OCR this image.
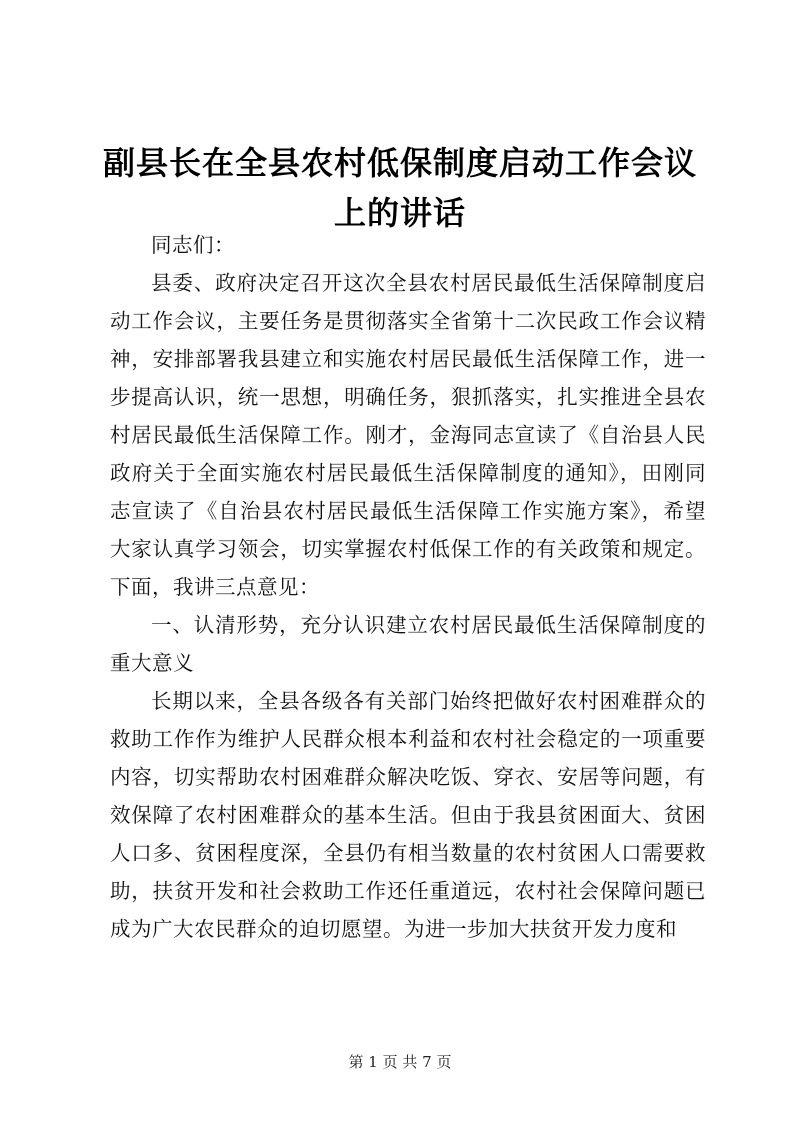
副县长在全县农村低保制度启动工作会议上的讲话

同志们：

县委、政府决定召开这次全县农村居民最低生活保障制度启动工作会议，主要任务是贯彻落实全省第十二次民政工作会议精神，安排部署我县建立和实施农村居民最低生活保障工作，进一步提高认识，统一思想，明确任务，狠抓落实，扎实推进全县农村居民最低生活保障工作。刚才，金海同志宣读了《自治县人民政府关于全面实施农村居民最低生活保障制度的通知》，田刚同志宣读了《自治县农村居民最低生活保障工作实施方案》，希望大家认真学习领会，切实掌握农村低保工作的有关政策和规定。下面，我讲三点意见：

一、认清形势，充分认识建立农村居民最低生活保障制度的重大意义

长期以来，全县各级各有关部门始终把做好农村困难群众的救助工作作为维护人民群众根本利益和农村社会稳定的一项重要内容，切实帮助农村困难群众解决吃饭、穿衣、安居等问题，有效保障了农村困难群众的基本生活。但由于我县贫困面大、贫困人口多、贫困程度深，全县仍有相当数量的农村贫困人口需要救助，扶贫开发和社会救助工作还任重道远，农村社会保障问题已成为广大农民群众的迫切愿望。为进一步加大扶贫开发力度和

第 1 页 共 7 页
